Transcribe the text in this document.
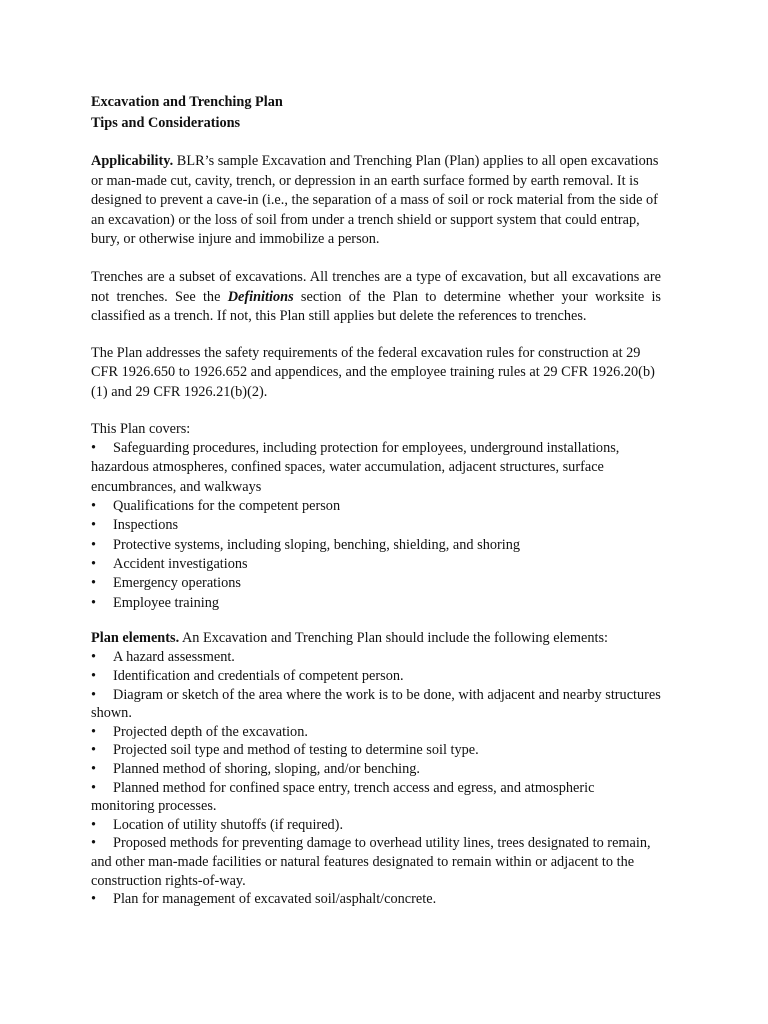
Excavation and Trenching Plan

Tips and Considerations

Applicability. BLR’s sample Excavation and Trenching Plan (Plan) applies to all open excavations or man-made cut, cavity, trench, or depression in an earth surface formed by earth removal. It is designed to prevent a cave-in (i.e., the separation of a mass of soil or rock material from the side of an excavation) or the loss of soil from under a trench shield or support system that could entrap, bury, or otherwise injure and immobilize a person.

Trenches are a subset of excavations. All trenches are a type of excavation, but all excavations are not trenches. See the Definitions section of the Plan to determine whether your worksite is classified as a trench. If not, this Plan still applies but delete the references to trenches.

The Plan addresses the safety requirements of the federal excavation rules for construction at 29 CFR 1926.650 to 1926.652 and appendices, and the employee training rules at 29 CFR 1926.20(b)(1) and 29 CFR 1926.21(b)(2).

This Plan covers:

• Safeguarding procedures, including protection for employees, underground installations, hazardous atmospheres, confined spaces, water accumulation, adjacent structures, surface encumbrances, and walkways
• Qualifications for the competent person
• Inspections
• Protective systems, including sloping, benching, shielding, and shoring
• Accident investigations
• Emergency operations
• Employee training

Plan elements. An Excavation and Trenching Plan should include the following elements:

• A hazard assessment.
• Identification and credentials of competent person.
• Diagram or sketch of the area where the work is to be done, with adjacent and nearby structures shown.
• Projected depth of the excavation.
• Projected soil type and method of testing to determine soil type.
• Planned method of shoring, sloping, and/or benching.
• Planned method for confined space entry, trench access and egress, and atmospheric monitoring processes.
• Location of utility shutoffs (if required).
• Proposed methods for preventing damage to overhead utility lines, trees designated to remain, and other man-made facilities or natural features designated to remain within or adjacent to the construction rights-of-way.
• Plan for management of excavated soil/asphalt/concrete.
